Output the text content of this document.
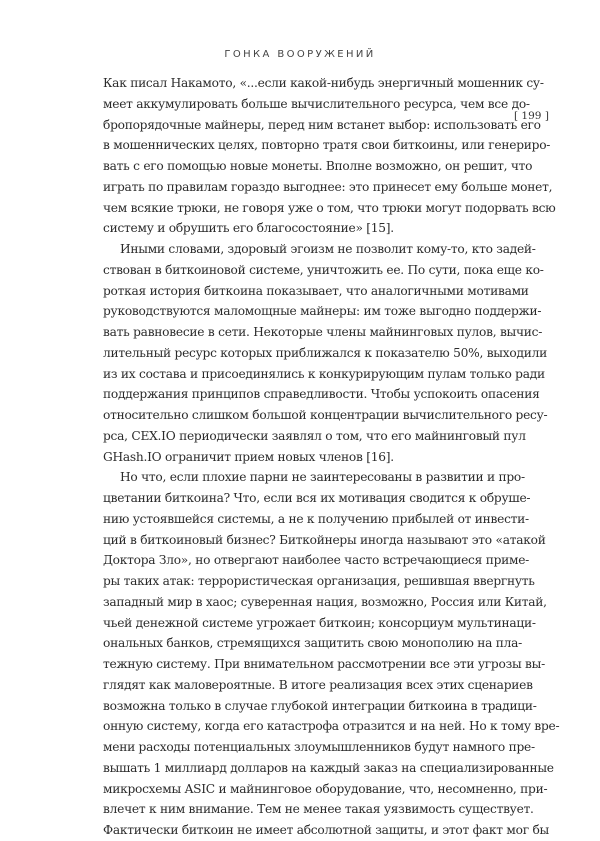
ГОНКА ВООРУЖЕНИЙ
[ 199 ]
Как писал Накамото, «...если какой-нибудь энергичный мошенник су-
меет аккумулировать больше вычислительного ресурса, чем все до-
бропорядочные майнеры, перед ним встанет выбор: использовать его
в мошеннических целях, повторно тратя свои биткоины, или генериро-
вать с его помощью новые монеты. Вполне возможно, он решит, что
играть по правилам гораздо выгоднее: это принесет ему больше монет,
чем всякие трюки, не говоря уже о том, что трюки могут подорвать всю
систему и обрушить его благосостояние» [15].
Иными словами, здоровый эгоизм не позволит кому-то, кто задей-
ствован в биткоиновой системе, уничтожить ее. По сути, пока еще ко-
роткая история биткоина показывает, что аналогичными мотивами
руководствуются маломощные майнеры: им тоже выгодно поддержи-
вать равновесие в сети. Некоторые члены майнинговых пулов, вычис-
лительный ресурс которых приближался к показателю 50%, выходили
из их состава и присоединялись к конкурирующим пулам только ради
поддержания принципов справедливости. Чтобы успокоить опасения
относительно слишком большой концентрации вычислительного ресу-
рса, CEX.IO периодически заявлял о том, что его майнинговый пул
GHash.IO ограничит прием новых членов [16].
Но что, если плохие парни не заинтересованы в развитии и про-
цветании биткоина? Что, если вся их мотивация сводится к обруше-
нию устоявшейся системы, а не к получению прибылей от инвести-
ций в биткоиновый бизнес? Биткойнеры иногда называют это «атакой
Доктора Зло», но отвергают наиболее часто встречающиеся приме-
ры таких атак: террористическая организация, решившая ввергнуть
западный мир в хаос; суверенная нация, возможно, Россия или Китай,
чьей денежной системе угрожает биткоин; консорциум мультинаци-
ональных банков, стремящихся защитить свою монополию на пла-
тежную систему. При внимательном рассмотрении все эти угрозы вы-
глядят как маловероятные. В итоге реализация всех этих сценариев
возможна только в случае глубокой интеграции биткоина в традици-
онную систему, когда его катастрофа отразится и на ней. Но к тому вре-
мени расходы потенциальных злоумышленников будут намного пре-
вышать 1 миллиард долларов на каждый заказ на специализированные
микросхемы ASIC и майнинговое оборудование, что, несомненно, при-
влечет к ним внимание. Тем не менее такая уязвимость существует.
Фактически биткоин не имеет абсолютной защиты, и этот факт мог бы
